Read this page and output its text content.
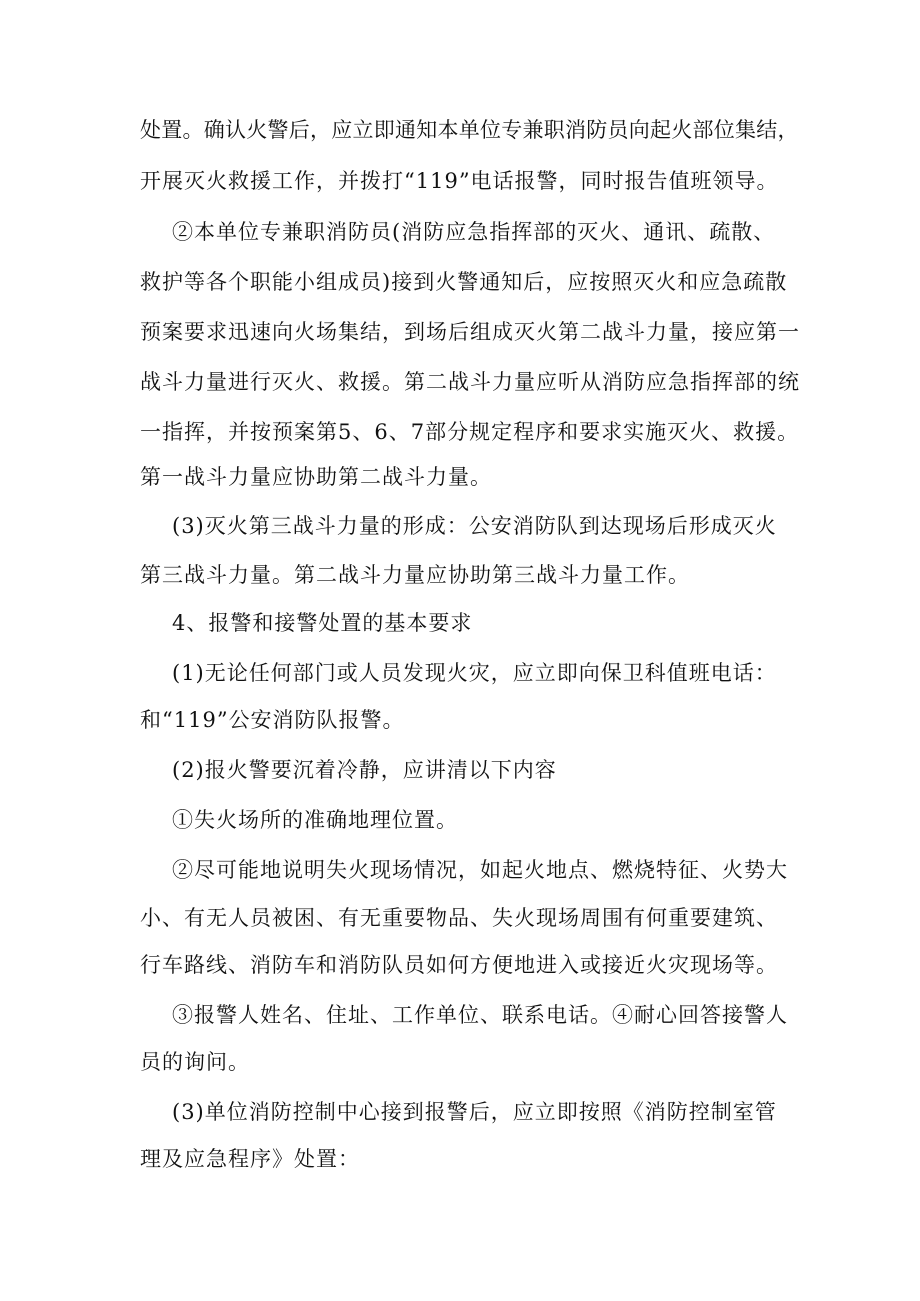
处置。确认火警后，应立即通知本单位专兼职消防员向起火部位集结，
开展灭火救援工作，并拨打“119”电话报警，同时报告值班领导。
②本单位专兼职消防员(消防应急指挥部的灭火、通讯、疏散、
救护等各个职能小组成员)接到火警通知后，应按照灭火和应急疏散
预案要求迅速向火场集结，到场后组成灭火第二战斗力量，接应第一
战斗力量进行灭火、救援。第二战斗力量应听从消防应急指挥部的统
一指挥，并按预案第5、6、7部分规定程序和要求实施灭火、救援。
第一战斗力量应协助第二战斗力量。
(3)灭火第三战斗力量的形成：公安消防队到达现场后形成灭火
第三战斗力量。第二战斗力量应协助第三战斗力量工作。
4、报警和接警处置的基本要求
(1)无论任何部门或人员发现火灾，应立即向保卫科值班电话：
和“119”公安消防队报警。
(2)报火警要沉着冷静，应讲清以下内容
①失火场所的准确地理位置。
②尽可能地说明失火现场情况，如起火地点、燃烧特征、火势大
小、有无人员被困、有无重要物品、失火现场周围有何重要建筑、
行车路线、消防车和消防队员如何方便地进入或接近火灾现场等。
③报警人姓名、住址、工作单位、联系电话。④耐心回答接警人
员的询问。
(3)单位消防控制中心接到报警后，应立即按照《消防控制室管
理及应急程序》处置：
